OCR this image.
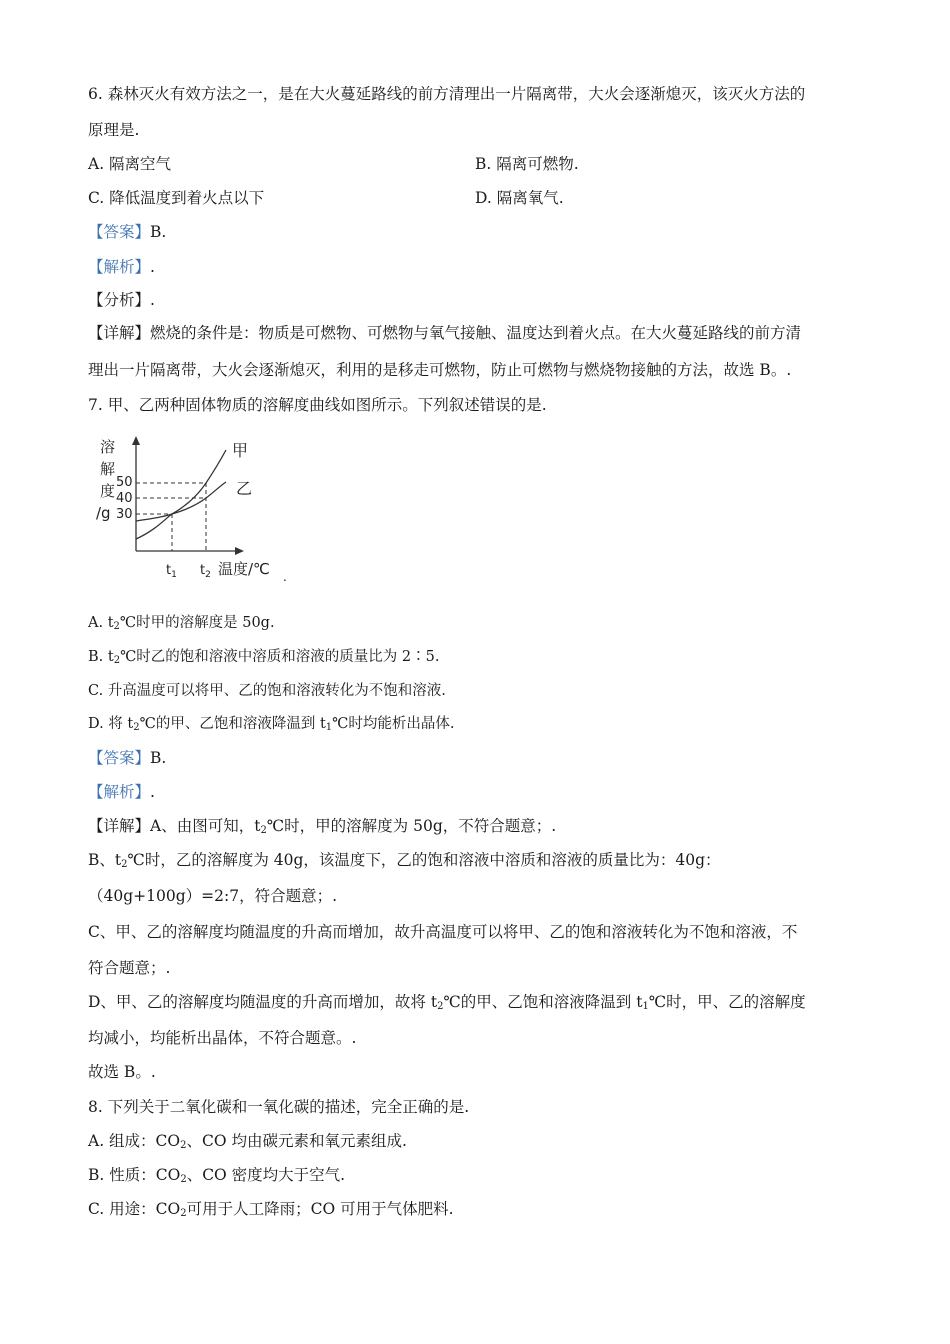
6. 森林灭火有效方法之一，是在大火蔓延路线的前方清理出一片隔离带，大火会逐渐熄灭，该灭火方法的
原理是.
A. 隔离空气	B. 隔离可燃物.
C. 降低温度到着火点以下	D. 隔离氧气.
【答案】B.
【解析】.
【分析】.
【详解】燃烧的条件是：物质是可燃物、可燃物与氧气接触、温度达到着火点。在大火蔓延路线的前方清
理出一片隔离带，大火会逐渐熄灭，利用的是移走可燃物，防止可燃物与燃烧物接触的方法，故选 B。.
7. 甲、乙两种固体物质的溶解度曲线如图所示。下列叙述错误的是.
溶
解
度
/g
50
40
30
甲
乙
$t_1$ $t_2$ 温度/℃ .
A. $t_2℃$时甲的溶解度是 50g.
B. $t_2℃$时乙的饱和溶液中溶质和溶液的质量比为 2∶5.
C. 升高温度可以将甲、乙的饱和溶液转化为不饱和溶液.
D. 将 $t_2℃$的甲、乙饱和溶液降温到 $t_1℃$时均能析出晶体.
【答案】B.
【解析】.
【详解】A、由图可知，$t_2℃$时，甲的溶解度为 50g，不符合题意；.
B、$t_2℃$时，乙的溶解度为 40g，该温度下，乙的饱和溶液中溶质和溶液的质量比为：40g：
（40g+100g）=2:7，符合题意；.
C、甲、乙的溶解度均随温度的升高而增加，故升高温度可以将甲、乙的饱和溶液转化为不饱和溶液，不
符合题意；.
D、甲、乙的溶解度均随温度的升高而增加，故将 $t_2℃$的甲、乙饱和溶液降温到 $t_1℃$时，甲、乙的溶解度
均减小，均能析出晶体，不符合题意。.
故选 B。.
8. 下列关于二氧化碳和一氧化碳的描述，完全正确的是.
A. 组成：$CO_2$、CO 均由碳元素和氧元素组成.
B. 性质：$CO_2$、CO 密度均大于空气.
C. 用途：$CO_2$可用于人工降雨；CO 可用于气体肥料.
